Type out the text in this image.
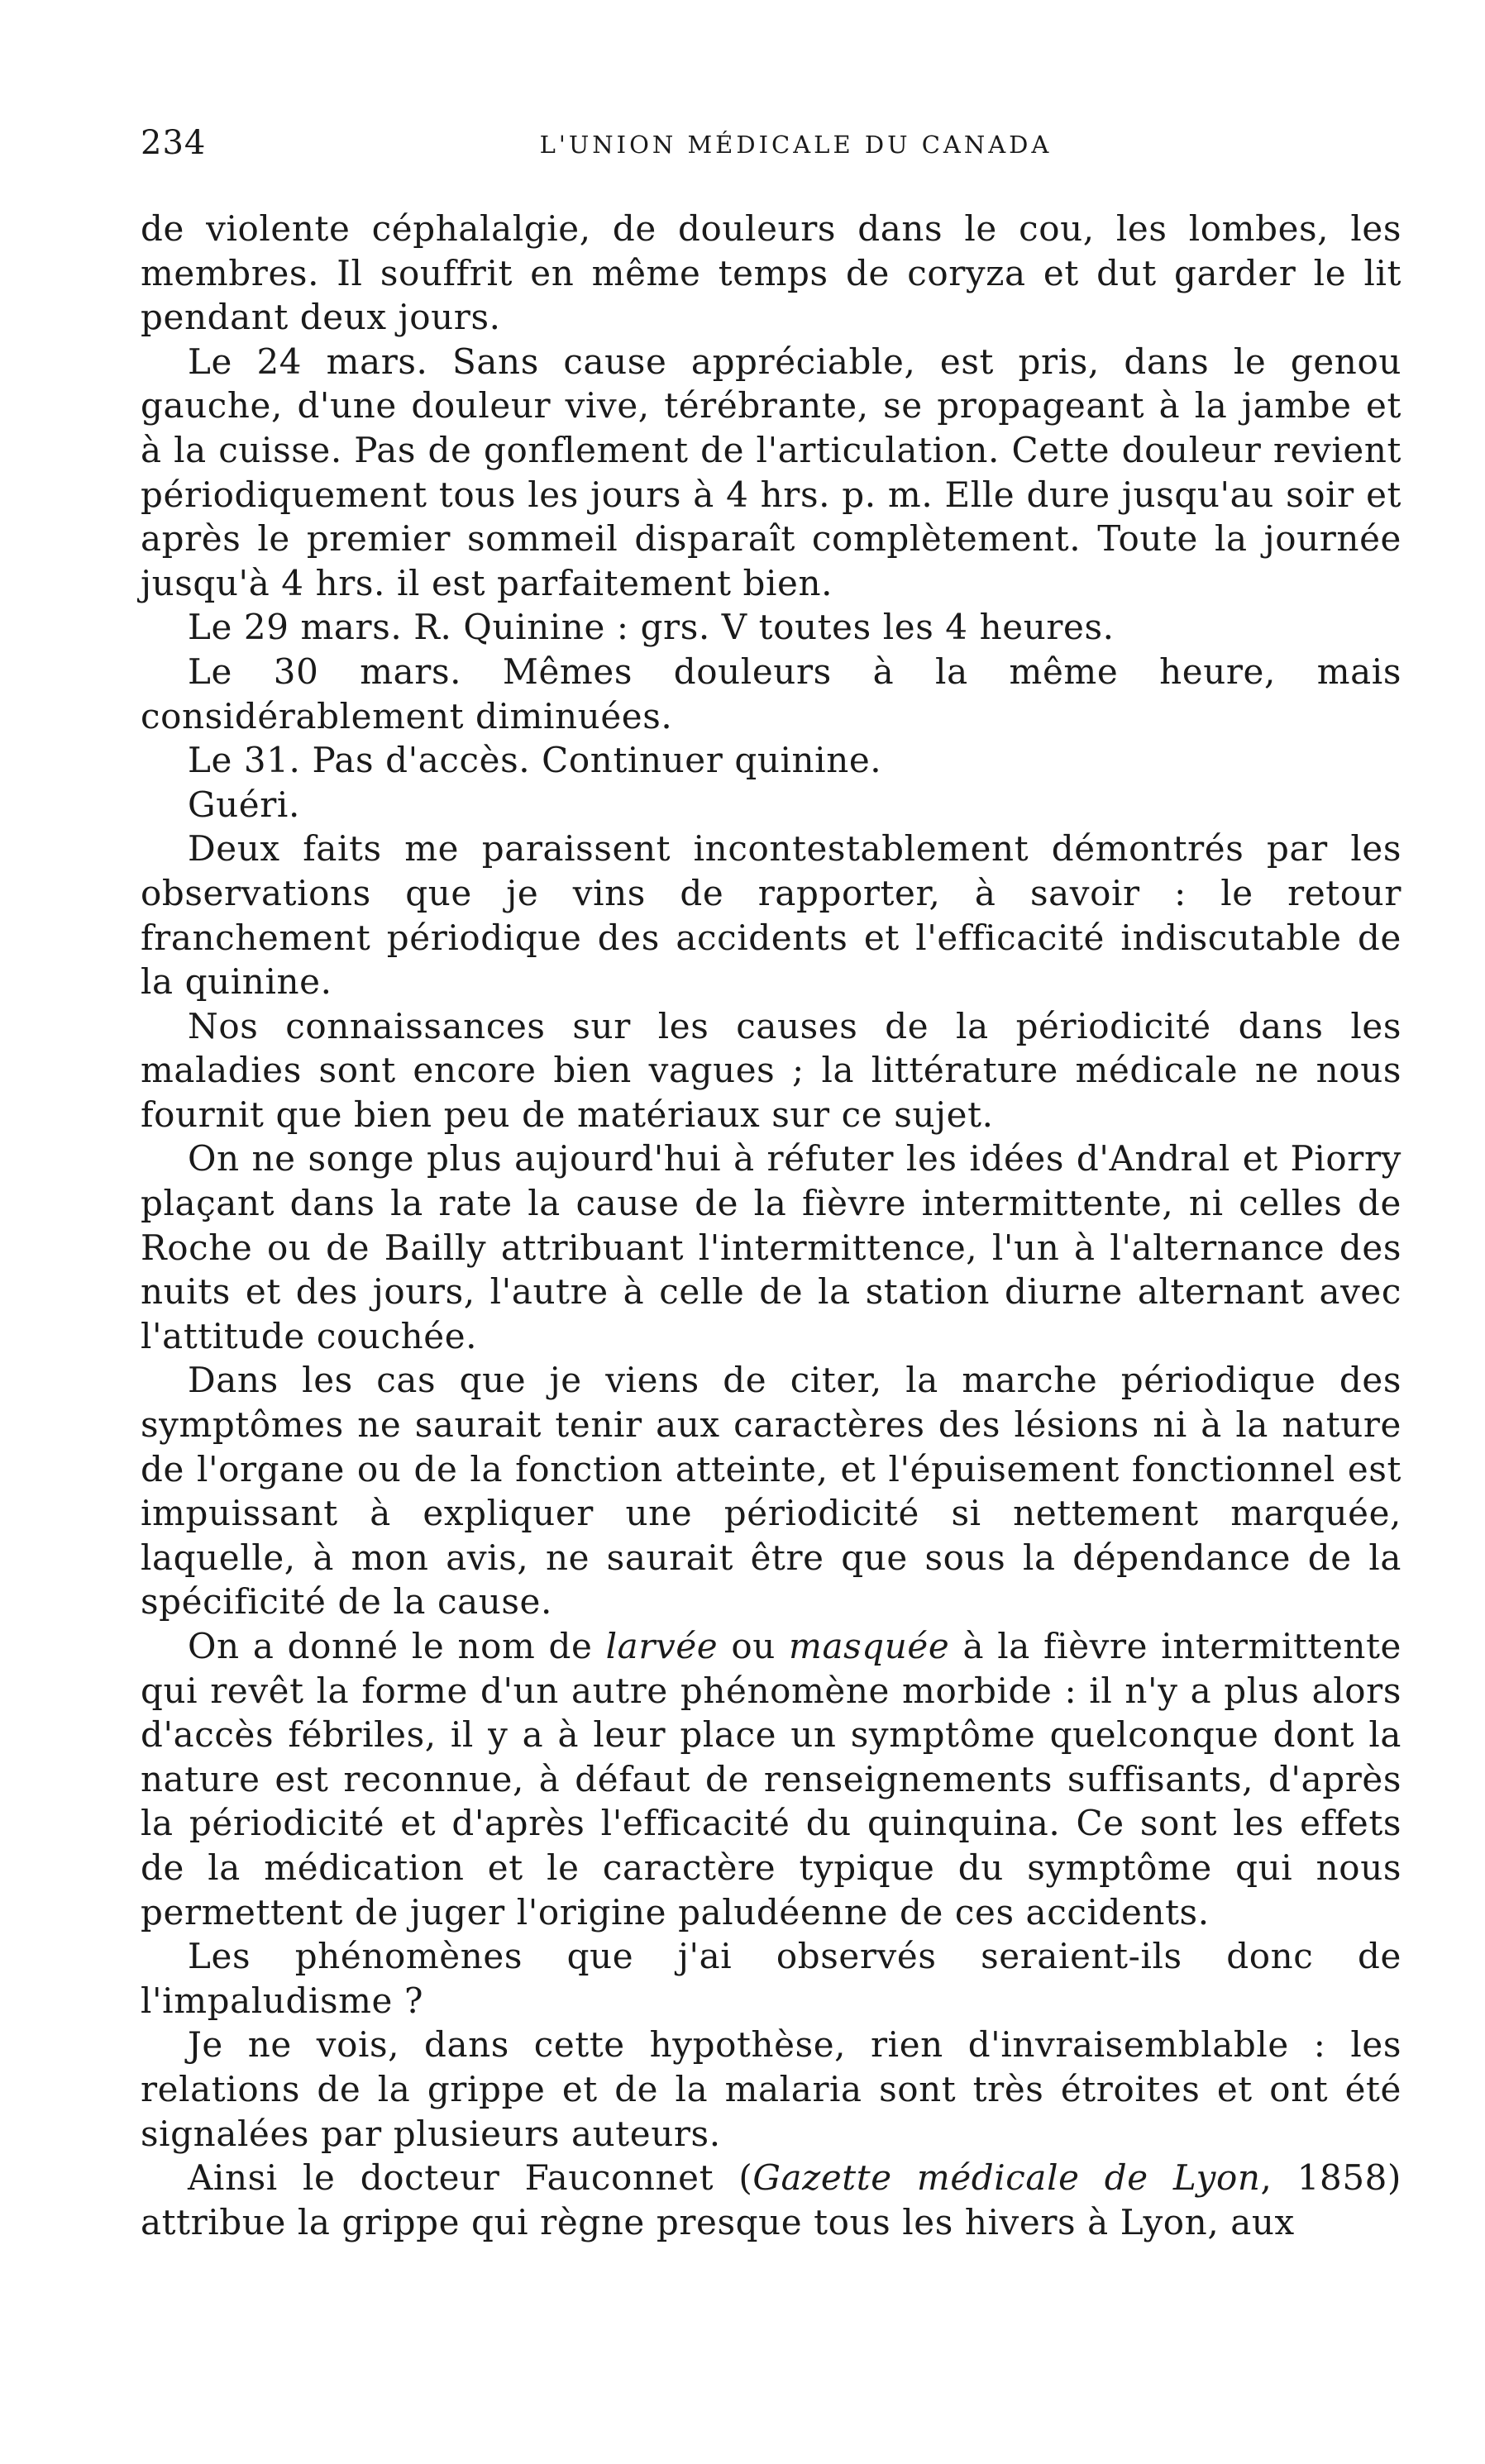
234	L'UNION MÉDICALE DU CANADA

de violente céphalalgie, de douleurs dans le cou, les lombes, les membres. Il souffrit en même temps de coryza et dut garder le lit pendant deux jours.

Le 24 mars. Sans cause appréciable, est pris, dans le genou gauche, d'une douleur vive, térébrante, se propageant à la jambe et à la cuisse. Pas de gonflement de l'articulation. Cette douleur revient périodiquement tous les jours à 4 hrs. p. m. Elle dure jusqu'au soir et après le premier sommeil disparaît complètement. Toute la journée jusqu'à 4 hrs. il est parfaitement bien.

Le 29 mars. R. Quinine : grs. V toutes les 4 heures.

Le 30 mars. Mêmes douleurs à la même heure, mais considérablement diminuées.

Le 31. Pas d'accès. Continuer quinine.

Guéri.

Deux faits me paraissent incontestablement démontrés par les observations que je vins de rapporter, à savoir : le retour franchement périodique des accidents et l'efficacité indiscutable de la quinine.

Nos connaissances sur les causes de la périodicité dans les maladies sont encore bien vagues ; la littérature médicale ne nous fournit que bien peu de matériaux sur ce sujet.

On ne songe plus aujourd'hui à réfuter les idées d'Andral et Piorry plaçant dans la rate la cause de la fièvre intermittente, ni celles de Roche ou de Bailly attribuant l'intermittence, l'un à l'alternance des nuits et des jours, l'autre à celle de la station diurne alternant avec l'attitude couchée.

Dans les cas que je viens de citer, la marche périodique des symptômes ne saurait tenir aux caractères des lésions ni à la nature de l'organe ou de la fonction atteinte, et l'épuisement fonctionnel est impuissant à expliquer une périodicité si nettement marquée, laquelle, à mon avis, ne saurait être que sous la dépendance de la spécificité de la cause.

On a donné le nom de larvée ou masquée à la fièvre intermittente qui revêt la forme d'un autre phénomène morbide : il n'y a plus alors d'accès fébriles, il y a à leur place un symptôme quelconque dont la nature est reconnue, à défaut de renseignements suffisants, d'après la périodicité et d'après l'efficacité du quinquina. Ce sont les effets de la médication et le caractère typique du symptôme qui nous permettent de juger l'origine paludéenne de ces accidents.

Les phénomènes que j'ai observés seraient-ils donc de l'impaludisme ?

Je ne vois, dans cette hypothèse, rien d'invraisemblable : les relations de la grippe et de la malaria sont très étroites et ont été signalées par plusieurs auteurs.

Ainsi le docteur Fauconnet (Gazette médicale de Lyon, 1858) attribue la grippe qui règne presque tous les hivers à Lyon, aux
